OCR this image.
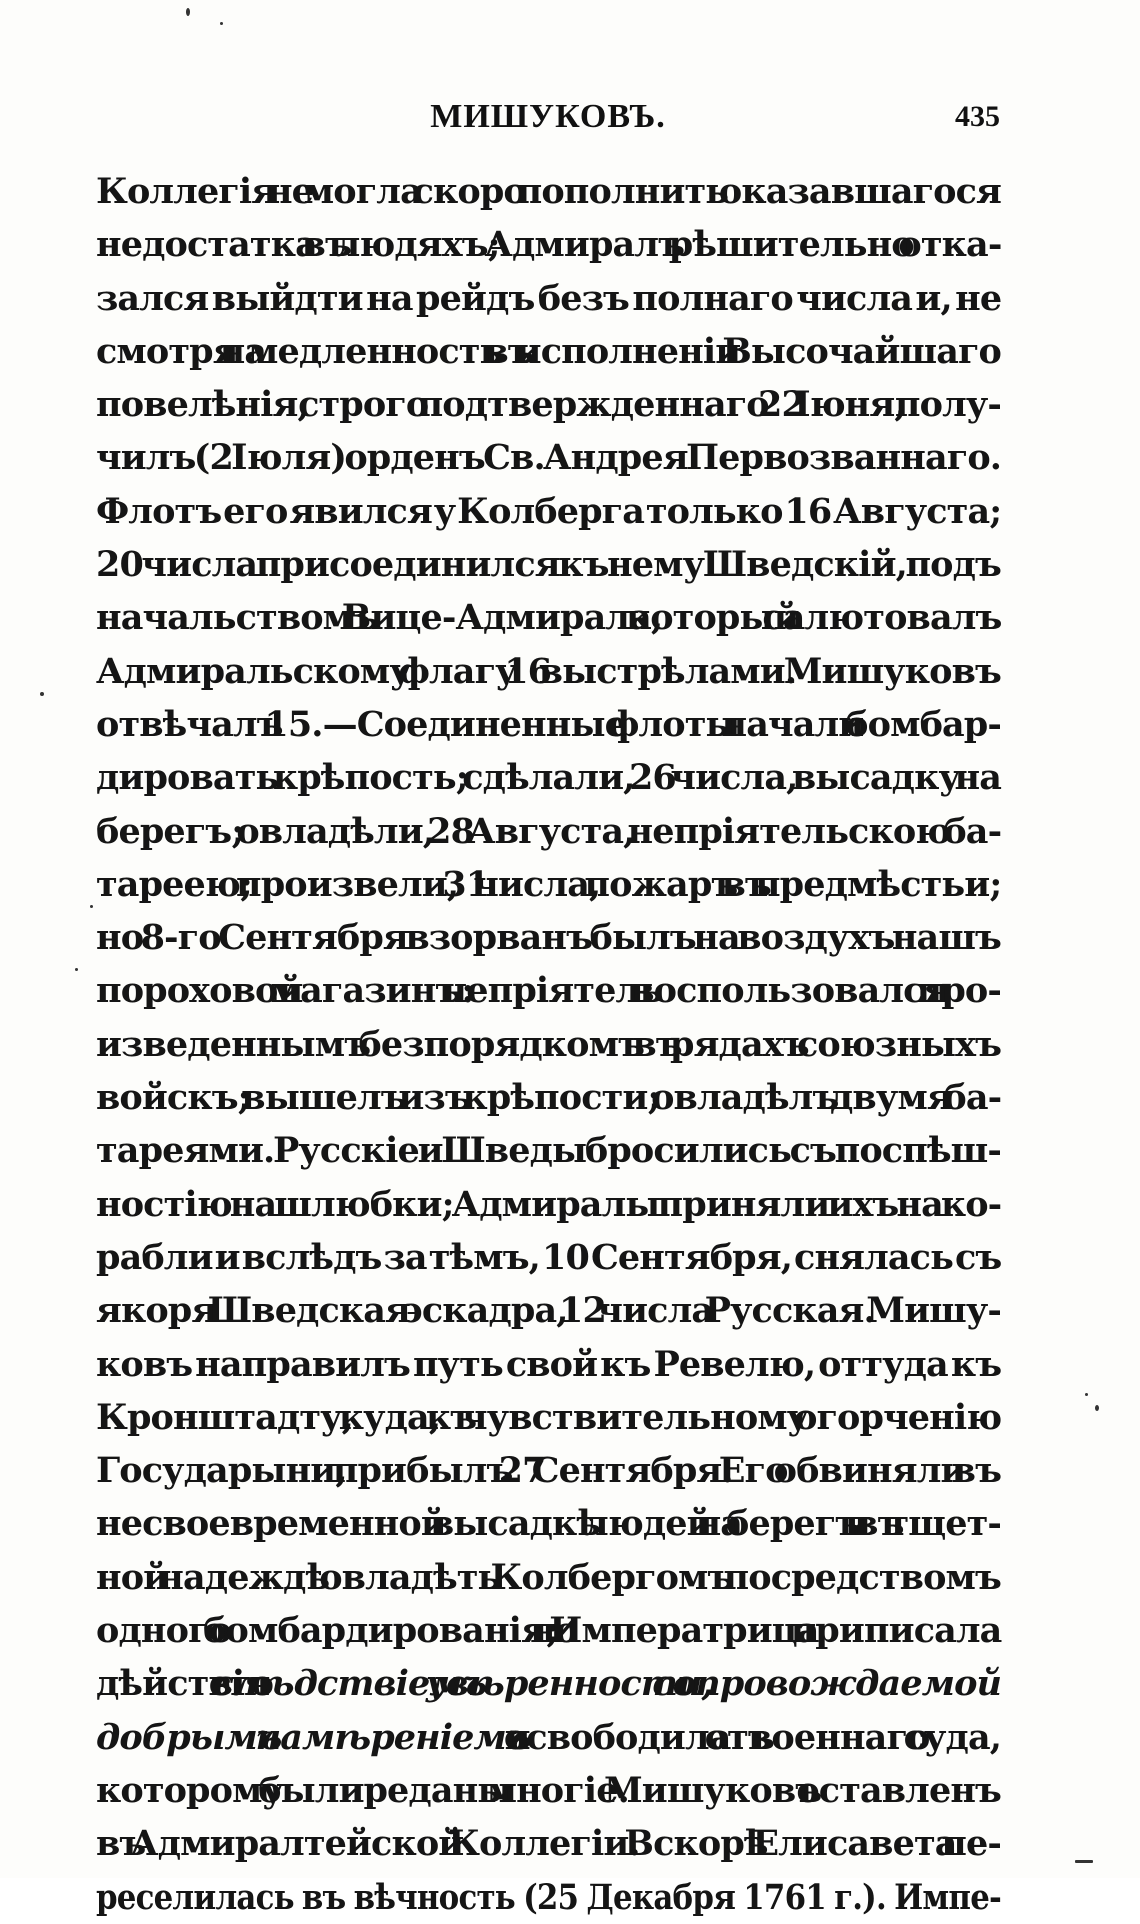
МИШУКОВЪ.	435
Коллегія не могла скоро пополнить оказавшагося
недостатка въ людяхъ; Адмиралъ рѣшительно отка-
зался выйдти на рейдъ безъ полнаго числа и, не
смотря на медленность въ исполненіи Высочайшаго
повелѣнія, строго подтвержденнаго 22 Іюня, полу-
чилъ (2 Іюля) орденъ Св. Андрея Первозваннаго.
Флотъ его явился у Колберга только 16 Августа;
20 числа присоединился къ нему Шведскій, подъ
начальствомъ Вице-Адмирала, который салютовалъ
Адмиральскому флагу 16 выстрѣлами. Мишуковъ
отвѣчалъ 15.—Соединенные флоты начали бомбар-
дировать крѣпость; сдѣлали, 26 числа, высадку на
берегъ; овладѣли, 28 Августа, непріятельскою ба-
тареею; произвели, 31 числа, пожаръ въ предмѣстьи;
но 8-го Сентября взорванъ былъ на воздухъ нашъ
пороховой магазинъ: непріятель воспользовался про-
изведеннымъ безпорядкомъ въ рядахъ союзныхъ
войскъ; вышелъ изъ крѣпости; овладѣлъ двумя ба-
тареями. Русскіе и Шведы бросились съ поспѣш-
ностію на шлюбки; Адмиралы приняли ихъ на ко-
рабли и вслѣдъ за тѣмъ, 10 Сентября, снялась съ
якоря Шведская эскадра, 12 числа Русская. Мишу-
ковъ направилъ путь свой къ Ревелю, оттуда къ
Кронштадту, куда, къ чувствительному огорченію
Государыни, прибылъ 27 Сентября. Его обвиняли въ
несвоевременной высадкѣ людей на берегъ и въ тщет-
ной надеждѣ овладѣть Колбергомъ посредствомъ
одного бомбардированія; но Императрица приписала
дѣйствія его слѣдствіемъ увѣренности, сопровождаемой
добрымъ намѣреніемъ и освободила отъ военнаго суда,
которому были преданы многіе. Мишуковъ оставленъ
въ Адмиралтейской Коллегіи. Вскорѣ Елисавета пе-
реселилась въ вѣчность (25 Декабря 1761 г.). Импе-
